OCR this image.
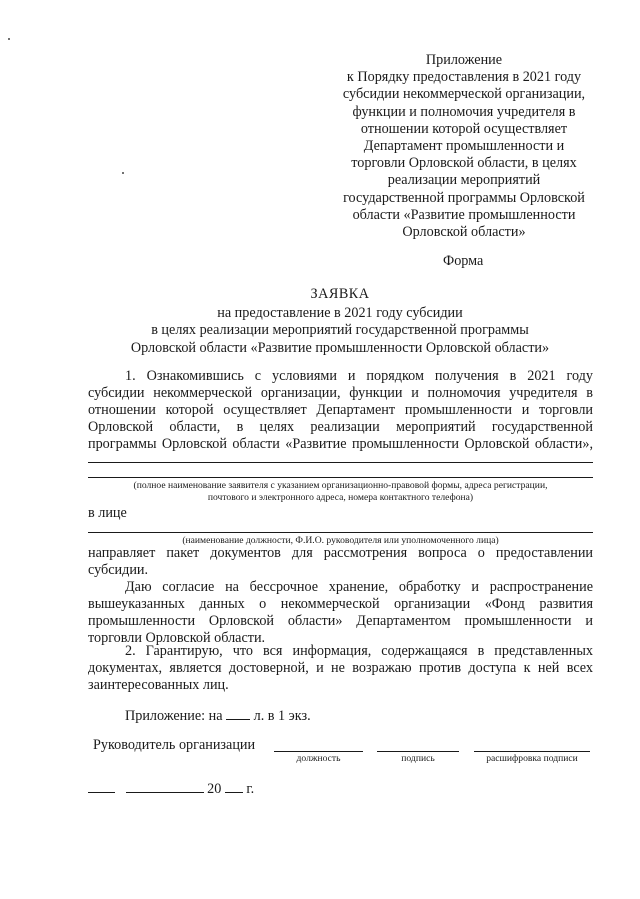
Приложение
к Порядку предоставления в 2021 году
субсидии некоммерческой организации,
функции и полномочия учредителя в
отношении которой осуществляет
Департамент промышленности и
торговли Орловской области, в целях
реализации мероприятий
государственной программы Орловской
области «Развитие промышленности
Орловской области»
Форма
ЗАЯВКА
на предоставление в 2021 году субсидии
в целях реализации мероприятий государственной программы
Орловской области «Развитие промышленности Орловской области»
1. Ознакомившись с условиями и порядком получения в 2021 году
субсидии некоммерческой организации, функции и полномочия учредителя в
отношении которой осуществляет Департамент промышленности и торговли
Орловской области, в целях реализации мероприятий государственной
программы Орловской области «Развитие промышленности Орловской области»,
(полное наименование заявителя с указанием организационно-правовой формы, адреса регистрации,
почтового и электронного адреса, номера контактного телефона)
в лице
(наименование должности, Ф.И.О. руководителя или уполномоченного лица)
направляет пакет документов для рассмотрения вопроса о предоставлении
субсидии.
Даю согласие на бессрочное хранение, обработку и распространение
вышеуказанных данных о некоммерческой организации «Фонд развития
промышленности Орловской области» Департаментом промышленности и
торговли Орловской области.
2. Гарантирую, что вся информация, содержащаяся в представленных
документах, является достоверной, и не возражаю против доступа к ней всех
заинтересованных лиц.
Приложение: на л. в 1 экз.
Руководитель организации
должность	подпись	расшифровка подписи
20 г.
